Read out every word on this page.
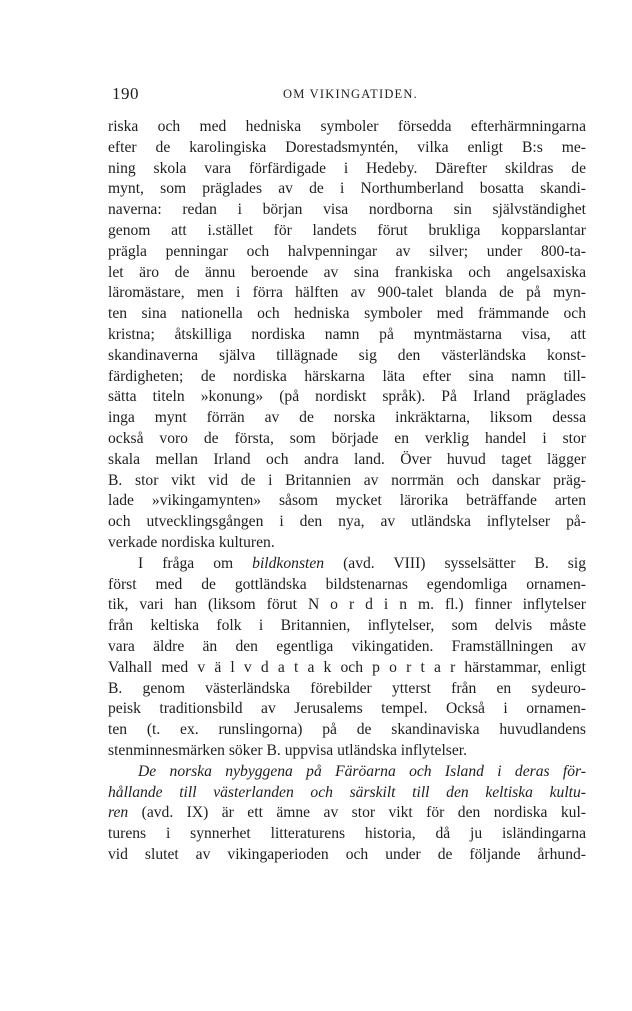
190	OM VIKINGATIDEN.
riska och med hedniska symboler försedda efterhärmningarna
efter de karolingiska Dorestadsmyntén, vilka enligt B:s me-
ning skola vara förfärdigade i Hedeby. Därefter skildras de
mynt, som präglades av de i Northumberland bosatta skandi-
naverna: redan i början visa nordborna sin självständighet
genom att i.stället för landets förut brukliga kopparslantar
prägla penningar och halvpenningar av silver; under 800-ta-
let äro de ännu beroende av sina frankiska och angelsaxiska
läromästare, men i förra hälften av 900-talet blanda de på myn-
ten sina nationella och hedniska symboler med främmande och
kristna; åtskilliga nordiska namn på myntmästarna visa, att
skandinaverna själva tillägnade sig den västerländska konst-
färdigheten; de nordiska härskarna läta efter sina namn till-
sätta titeln »konung» (på nordiskt språk). På Irland präglades
inga mynt förrän av de norska inkräktarna, liksom dessa
också voro de första, som började en verklig handel i stor
skala mellan Irland och andra land. Över huvud taget lägger
B. stor vikt vid de i Britannien av norrmän och danskar präg-
lade »vikingamynten» såsom mycket lärorika beträffande arten
och utvecklingsgången i den nya, av utländska inflytelser på-
verkade nordiska kulturen.
I fråga om bildkonsten (avd. VIII) sysselsätter B. sig
först med de gottländska bildstenarnas egendomliga ornamen-
tik, vari han (liksom förut N o r d i n m. fl.) finner inflytelser
från keltiska folk i Britannien, inflytelser, som delvis måste
vara äldre än den egentliga vikingatiden. Framställningen av
Valhall med v ä l v d a t a k och p o r t a r härstammar, enligt
B. genom västerländska förebilder ytterst från en sydeuro-
peisk traditionsbild av Jerusalems tempel. Också i ornamen-
ten (t. ex. runslingorna) på de skandinaviska huvudlandens
stenminnesmärken söker B. uppvisa utländska inflytelser.
De norska nybyggena på Färöarna och Island i deras för-
hållande till västerlanden och särskilt till den keltiska kultu-
ren (avd. IX) är ett ämne av stor vikt för den nordiska kul-
turens i synnerhet litteraturens historia, då ju isländingarna
vid slutet av vikingaperioden och under de följande århund-
